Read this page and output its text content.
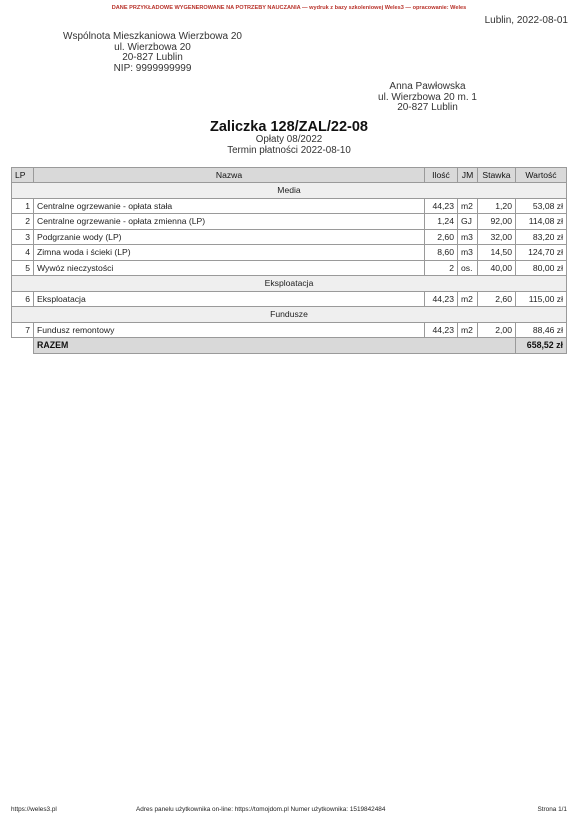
DANE PRZYKŁADOWE WYGENEROWANE NA POTRZEBY NAUCZANIA — wydruk z bazy szkoleniowej Weles3 — opracowanie: Weles
Lublin, 2022-08-01
Wspólnota Mieszkaniowa Wierzbowa 20
ul. Wierzbowa 20
20-827 Lublin
NIP: 9999999999
Anna Pawłowska
ul. Wierzbowa 20 m. 1
20-827 Lublin
Zaliczka 128/ZAL/22-08
Opłaty 08/2022
Termin płatności 2022-08-10
LP	Nazwa	Ilość	JM	Stawka	Wartość
Media					
1	Centralne ogrzewanie - opłata stała	44,23	m2	1,20	53,08 zł
2	Centralne ogrzewanie - opłata zmienna (LP)	1,24	GJ	92,00	114,08 zł
3	Podgrzanie wody (LP)	2,60	m3	32,00	83,20 zł
4	Zimna woda i ścieki (LP)	8,60	m3	14,50	124,70 zł
5	Wywóz nieczystości	2	os.	40,00	80,00 zł
Eksploatacja					
6	Eksploatacja	44,23	m2	2,60	115,00 zł
Fundusze					
7	Fundusz remontowy	44,23	m2	2,00	88,46 zł
	RAZEM				658,52 zł
https://weles3.pl	Adres panelu użytkownika on-line: https://tomojdom.pl Numer użytkownika: 1519842484	Strona 1/1
